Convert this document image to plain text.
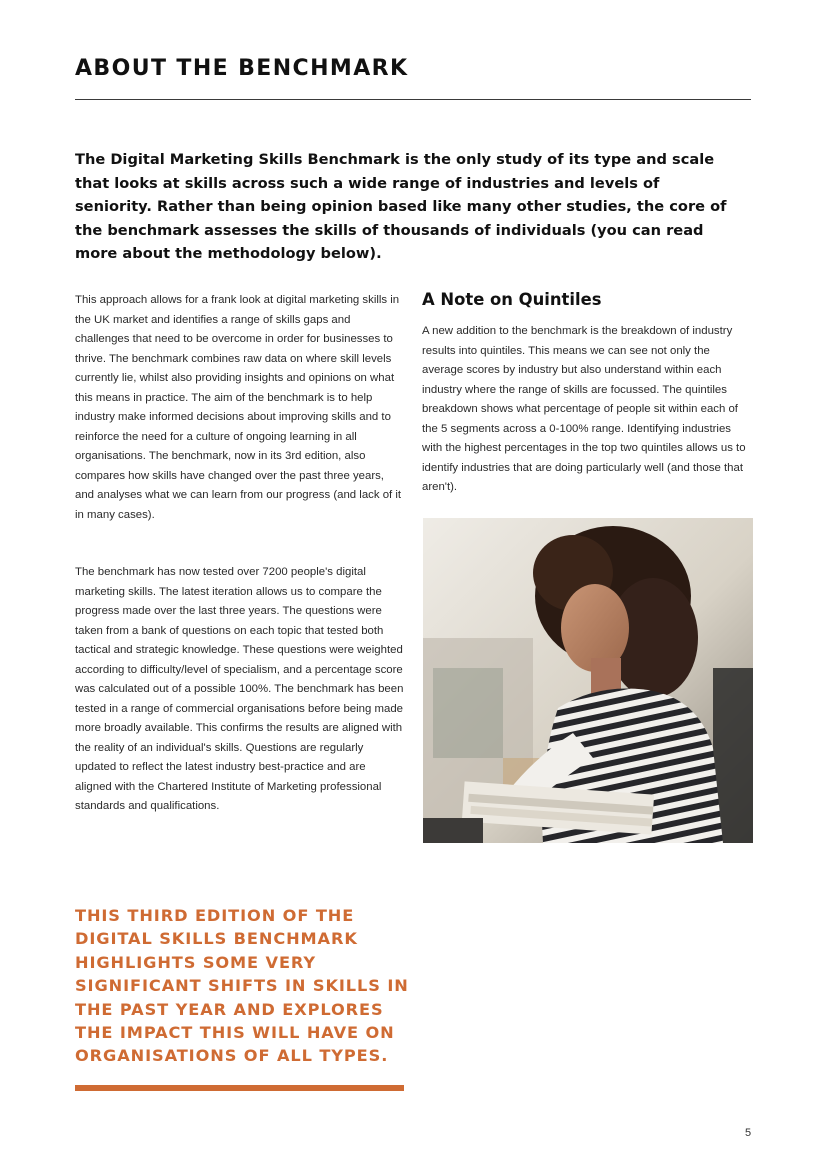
ABOUT THE BENCHMARK

The Digital Marketing Skills Benchmark is the only study of its type and scale that looks at skills across such a wide range of industries and levels of seniority. Rather than being opinion based like many other studies, the core of the benchmark assesses the skills of thousands of individuals (you can read more about the methodology below).

This approach allows for a frank look at digital marketing skills in the UK market and identifies a range of skills gaps and challenges that need to be overcome in order for businesses to thrive. The benchmark combines raw data on where skill levels currently lie, whilst also providing insights and opinions on what this means in practice. The aim of the benchmark is to help industry make informed decisions about improving skills and to reinforce the need for a culture of ongoing learning in all organisations. The benchmark, now in its 3rd edition, also compares how skills have changed over the past three years, and analyses what we can learn from our progress (and lack of it in many cases).

The benchmark has now tested over 7200 people's digital marketing skills. The latest iteration allows us to compare the progress made over the last three years. The questions were taken from a bank of questions on each topic that tested both tactical and strategic knowledge. These questions were weighted according to difficulty/level of specialism, and a percentage score was calculated out of a possible 100%. The benchmark has been tested in a range of commercial organisations before being made more broadly available. This confirms the results are aligned with the reality of an individual's skills. Questions are regularly updated to reflect the latest industry best-practice and are aligned with the Chartered Institute of Marketing professional standards and qualifications.

A Note on Quintiles

A new addition to the benchmark is the breakdown of industry results into quintiles. This means we can see not only the average scores by industry but also understand within each industry where the range of skills are focussed. The quintiles breakdown shows what percentage of people sit within each of the 5 segments across a 0-100% range. Identifying industries with the highest percentages in the top two quintiles allows us to identify industries that are doing particularly well (and those that aren't).

THIS THIRD EDITION OF THE DIGITAL SKILLS BENCHMARK HIGHLIGHTS SOME VERY SIGNIFICANT SHIFTS IN SKILLS IN THE PAST YEAR AND EXPLORES THE IMPACT THIS WILL HAVE ON ORGANISATIONS OF ALL TYPES.

5
